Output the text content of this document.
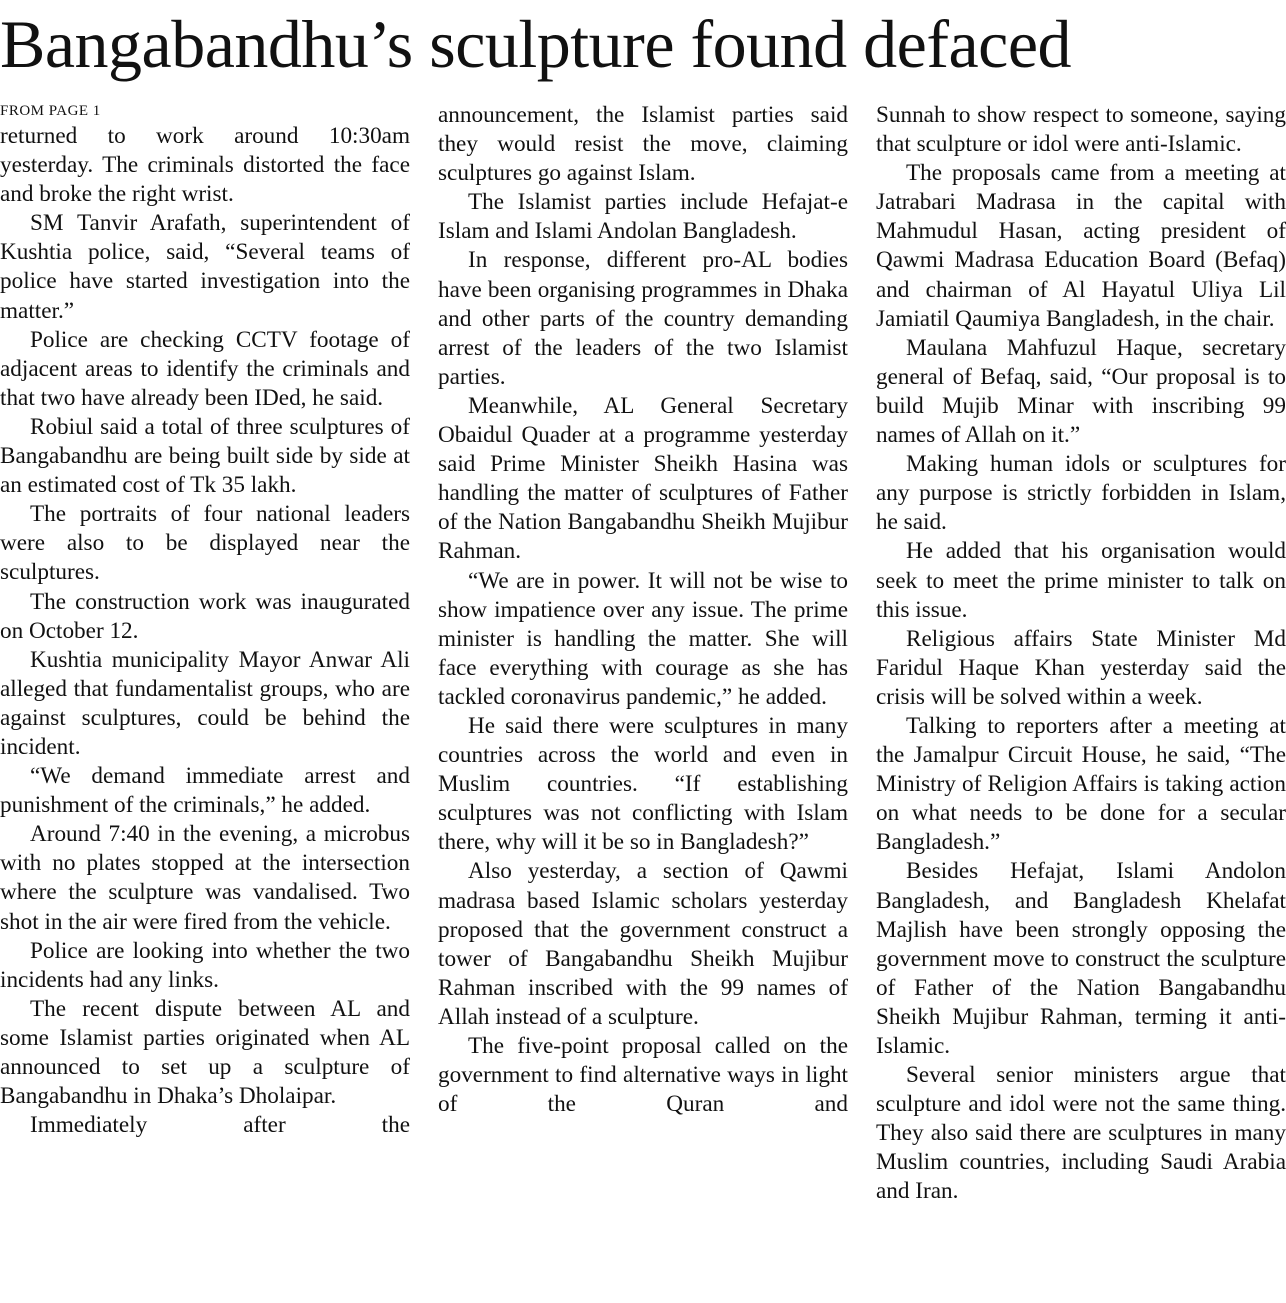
Bangabandhu’s sculpture found defaced
FROM PAGE 1

returned to work around 10:30am yesterday. The criminals distorted the face and broke the right wrist.

SM Tanvir Arafath, superintendent of Kushtia police, said, “Several teams of police have started investigation into the matter.”

Police are checking CCTV footage of adjacent areas to identify the criminals and that two have already been IDed, he said.

Robiul said a total of three sculptures of Bangabandhu are being built side by side at an estimated cost of Tk 35 lakh.

The portraits of four national leaders were also to be displayed near the sculptures.

The construction work was inaugurated on October 12.

Kushtia municipality Mayor Anwar Ali alleged that fundamentalist groups, who are against sculptures, could be behind the incident.

“We demand immediate arrest and punishment of the criminals,” he added.

Around 7:40 in the evening, a microbus with no plates stopped at the intersection where the sculpture was vandalised. Two shot in the air were fired from the vehicle.

Police are looking into whether the two incidents had any links.

The recent dispute between AL and some Islamist parties originated when AL announced to set up a sculpture of Bangabandhu in Dhaka’s Dholaipar.

Immediately after the

announcement, the Islamist parties said they would resist the move, claiming sculptures go against Islam.

The Islamist parties include Hefajat-e Islam and Islami Andolan Bangladesh.

In response, different pro-AL bodies have been organising programmes in Dhaka and other parts of the country demanding arrest of the leaders of the two Islamist parties.

Meanwhile, AL General Secretary Obaidul Quader at a programme yesterday said Prime Minister Sheikh Hasina was handling the matter of sculptures of Father of the Nation Bangabandhu Sheikh Mujibur Rahman.

“We are in power. It will not be wise to show impatience over any issue. The prime minister is handling the matter. She will face everything with courage as she has tackled coronavirus pandemic,” he added.

He said there were sculptures in many countries across the world and even in Muslim countries. “If establishing sculptures was not conflicting with Islam there, why will it be so in Bangladesh?”

Also yesterday, a section of Qawmi madrasa based Islamic scholars yesterday proposed that the government construct a tower of Bangabandhu Sheikh Mujibur Rahman inscribed with the 99 names of Allah instead of a sculpture.

The five-point proposal called on the government to find alternative ways in light of the Quran and

Sunnah to show respect to someone, saying that sculpture or idol were anti-Islamic.

The proposals came from a meeting at Jatrabari Madrasa in the capital with Mahmudul Hasan, acting president of Qawmi Madrasa Education Board (Befaq) and chairman of Al Hayatul Uliya Lil Jamiatil Qaumiya Bangladesh, in the chair.

Maulana Mahfuzul Haque, secretary general of Befaq, said, “Our proposal is to build Mujib Minar with inscribing 99 names of Allah on it.”

Making human idols or sculptures for any purpose is strictly forbidden in Islam, he said.

He added that his organisation would seek to meet the prime minister to talk on this issue.

Religious affairs State Minister Md Faridul Haque Khan yesterday said the crisis will be solved within a week.

Talking to reporters after a meeting at the Jamalpur Circuit House, he said, “The Ministry of Religion Affairs is taking action on what needs to be done for a secular Bangladesh.”

Besides Hefajat, Islami Andolon Bangladesh, and Bangladesh Khelafat Majlish have been strongly opposing the government move to construct the sculpture of Father of the Nation Bangabandhu Sheikh Mujibur Rahman, terming it anti-Islamic.

Several senior ministers argue that sculpture and idol were not the same thing. They also said there are sculptures in many Muslim countries, including Saudi Arabia and Iran.
